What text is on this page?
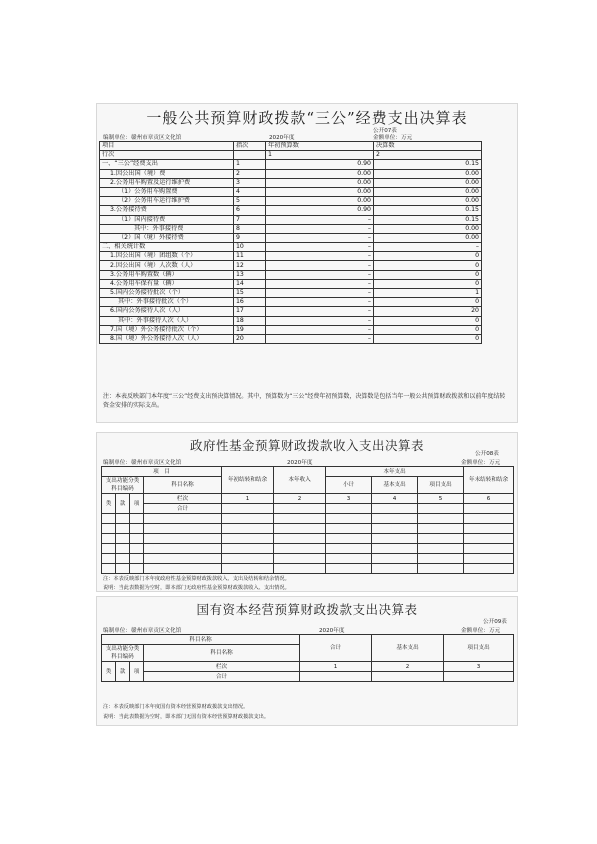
一般公共预算财政拨款“三公”经费支出决算表
公开07表
编制单位：赣州市章贡区文化馆	2020年度	金额单位：万元
项目	指次	年初预算数	决算数
行次		1	2
一、“三公”经费支出	1	0.90	0.15
1.因公出国（境）费	2	0.00	0.00
2.公务用车购置及运行维护费	3	0.00	0.00
（1）公务用车购置费	4	0.00	0.00
（2）公务用车运行维护费	5	0.00	0.00
3.公务接待费	6	0.90	0.15
（1）国内接待费	7	–	0.15
其中：外事接待费	8	–	0.00
（2）国（境）外接待费	9	–	0.00
二、相关统计数	10	–	–
1.因公出国（境）团组数（个）	11	–	0
2.因公出国（境）人次数（人）	12	–	0
3.公务用车购置数（辆）	13	–	0
4.公务用车保有量（辆）	14	–	0
5.国内公务接待批次（个）	15	–	1
其中：外事接待批次（个）	16	–	0
6.国内公务接待人次（人）	17	–	20
其中：外事接待人次（人）	18	–	0
7.国（境）外公务接待批次（个）	19	–	0
8.国（境）外公务接待人次（人）	20	–	0
注：本表反映部门本年度“三公”经费支出预决算情况。其中，预算数为“三公”经费年初预算数，决算数是包括当年一般公共预算财政拨款和以前年度结转资金安排的实际支出。
政府性基金预算财政拨款收入支出决算表
公开08表
编制单位：赣州市章贡区文化馆	2020年度	金额单位：万元
项　目				年初结转和结余	本年收入	本年支出			年末结转和结余
支出功能分类科目编码			科目名称			小计	基本支出	项目支出	

类	款	项	栏次	1	2	3	4	5	6
			合计						

注：本表反映部门本年度政府性基金预算财政拨款收入、支出及结转和结余情况。
说明：当此表数据为空时，即本部门无政府性基金预算财政拨款收入、支出情况。
国有资本经营预算财政拨款支出决算表
公开09表
编制单位：赣州市章贡区文化馆	2020年度	金额单位：万元
科目名称				合计	基本支出	项目支出
支出功能分类科目编码			科目名称			

类	款	项	栏次	1	2	3
			合计			
注：本表反映部门本年度国有资本经营预算财政拨款支出情况。
说明：当此表数据为空时，即本部门无国有资本经营预算财政拨款支出。
